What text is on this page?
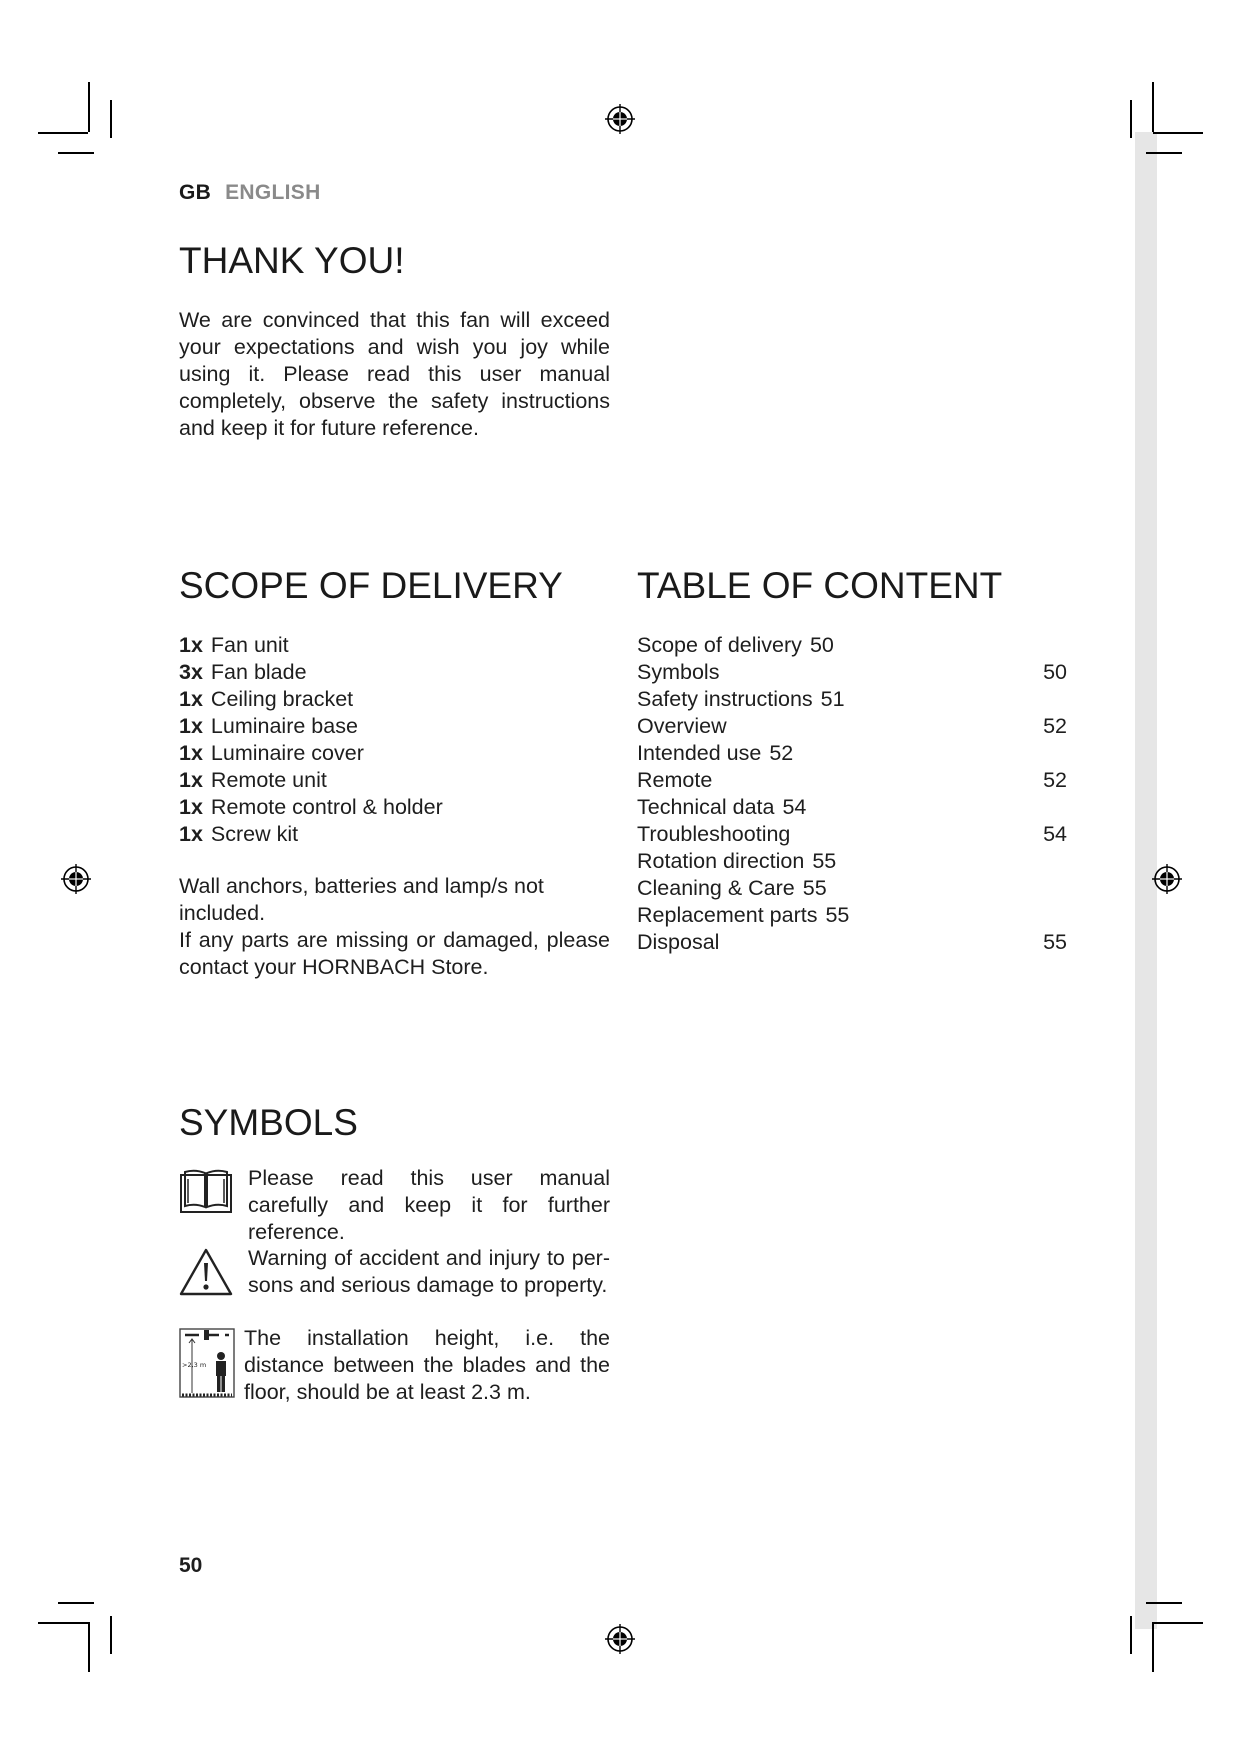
GB ENGLISH
THANK YOU!

We are convinced that this fan will exceed your expectations and wish you joy while using it. Please read this user manual completely, observe the safety instructions and keep it for future reference.

SCOPE OF DELIVERY
1x Fan unit
3x Fan blade
1x Ceiling bracket
1x Luminaire base
1x Luminaire cover
1x Remote unit
1x Remote control & holder
1x Screw kit

Wall anchors, batteries and lamp/s not included.

If any parts are missing or damaged, please contact your HORNBACH Store.

TABLE OF CONTENT
Scope of delivery 50
Symbols	50
Safety instructions 51
Overview	52
Intended use 52
Remote	52
Technical data 54
Troubleshooting	54
Rotation direction 55
Cleaning & Care 55
Replacement parts 55
Disposal	55
SYMBOLS
Please read this user manual carefully and keep it for further reference.
Warning of accident and injury to per-sons and serious damage to property.
>2,3 m
The installation height, i.e. the distance between the blades and the floor, should be at least 2.3 m.
50
